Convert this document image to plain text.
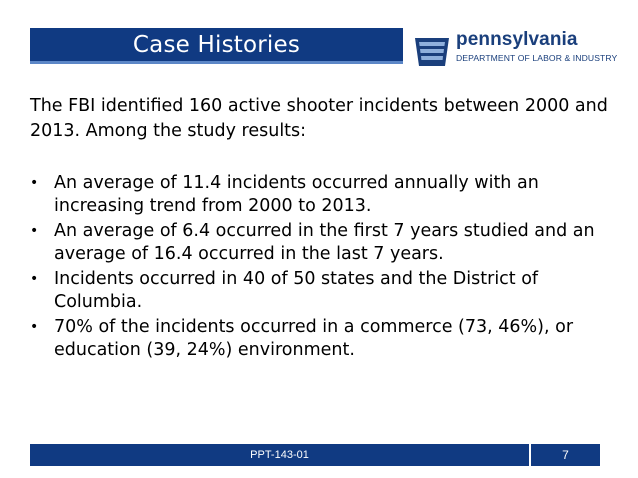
Case Histories	pennsylvania
DEPARTMENT OF LABOR & INDUSTRY

The FBI identified 160 active shooter incidents between 2000 and 2013. Among the study results:

• An average of 11.4 incidents occurred annually with an increasing trend from 2000 to 2013.
• An average of 6.4 occurred in the first 7 years studied and an average of 16.4 occurred in the last 7 years.
• Incidents occurred in 40 of 50 states and the District of Columbia.
• 70% of the incidents occurred in a commerce (73, 46%), or education (39, 24%) environment.
PPT-143-01	7
